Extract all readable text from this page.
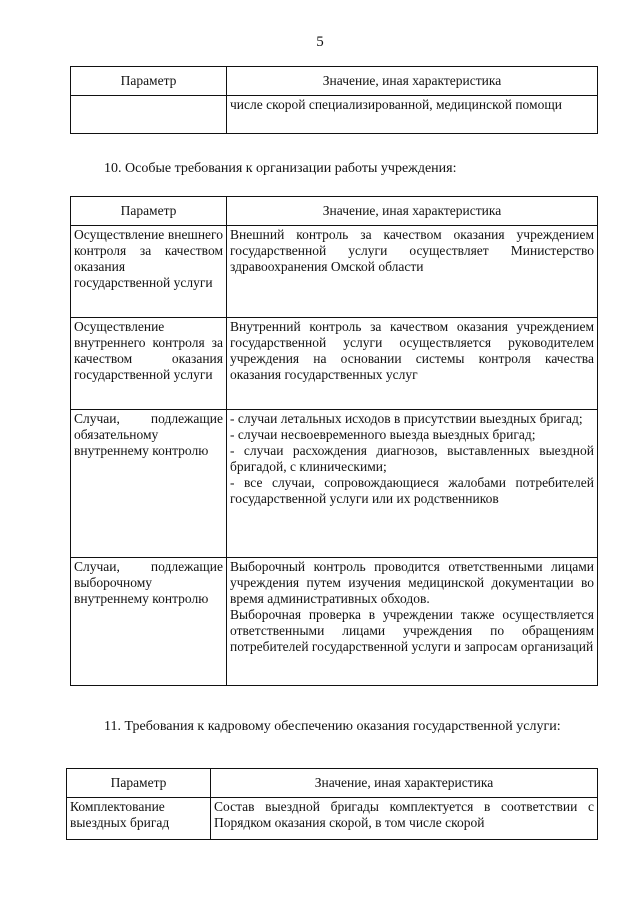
5
Параметр	Значение, иная характеристика
	числе скорой специализированной, медицинской помощи

10. Особые требования к организации работы учреждения:

Параметр	Значение, иная характеристика
Осуществление внешнего контроля за качеством оказания государственной услуги	Внешний контроль за качеством оказания учреждением государственной услуги осуществляет Министерство здравоохранения Омской области
Осуществление внутреннего контроля за качеством оказания государственной услуги	Внутренний контроль за качеством оказания учреждением государственной услуги осуществляется руководителем учреждения на основании системы контроля качества оказания государственных услуг
Случаи, подлежащие обязательному внутреннему контролю	- случаи летальных исходов в присутствии выездных бригад;

- случаи несвоевременного выезда выездных бригад;

- случаи расхождения диагнозов, выставленных выездной бригадой, с клиническими;

- все случаи, сопровождающиеся жалобами потребителей государственной услуги или их родственников

Случаи, подлежащие выборочному внутреннему контролю	Выборочный контроль проводится ответственными лицами учреждения путем изучения медицинской документации во время административных обходов.

Выборочная проверка в учреждении также осуществляется ответственными лицами учреждения по обращениям потребителей государственной услуги и запросам организаций

11. Требования к кадровому обеспечению оказания государственной услуги:

Параметр	Значение, иная характеристика
Комплектование выездных бригад	Состав выездной бригады комплектуется в соответствии с Порядком оказания скорой, в том числе скорой
